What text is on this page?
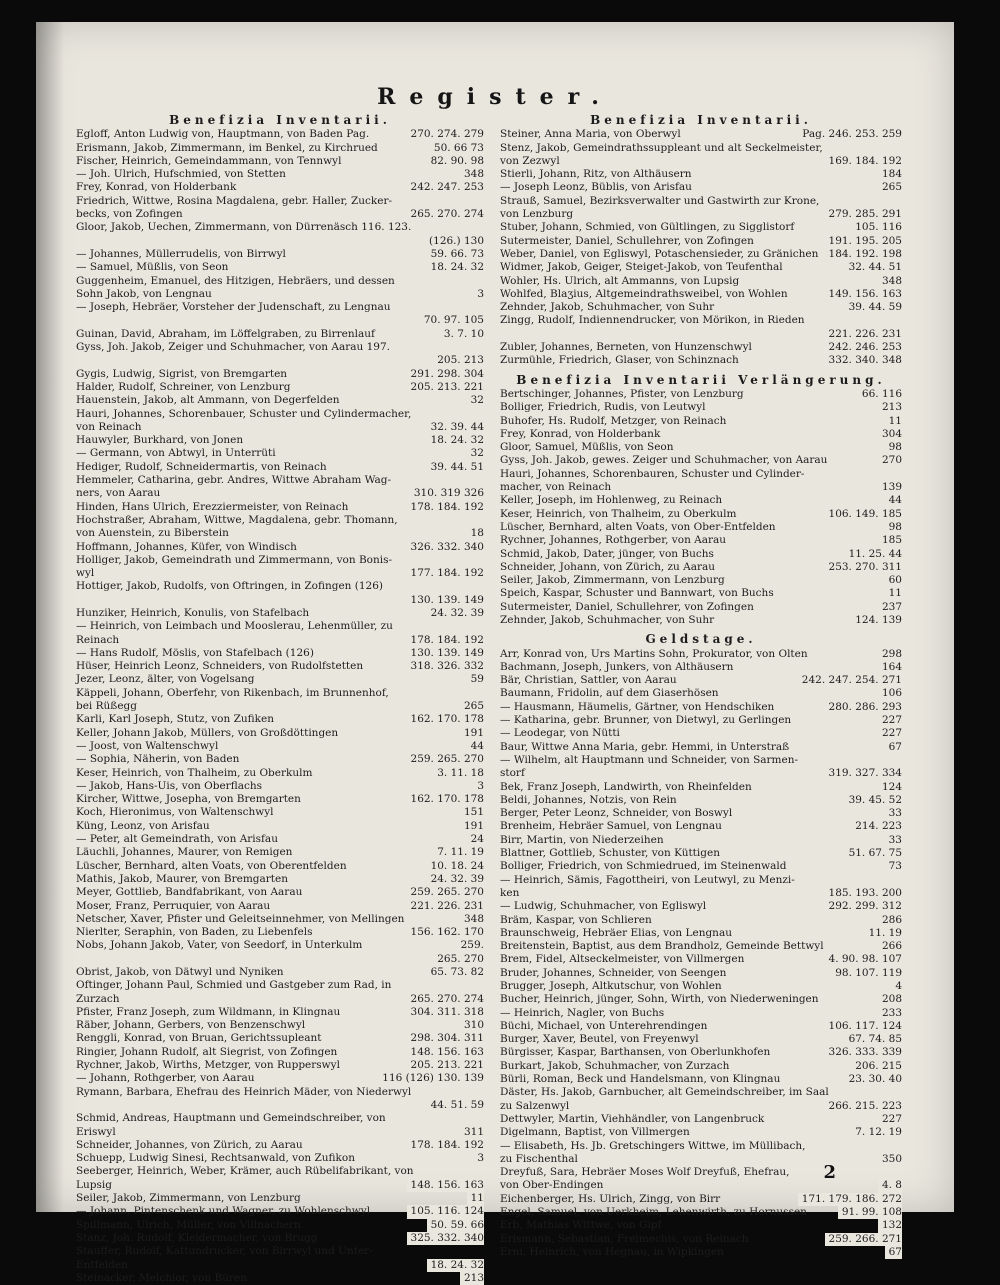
Register.
Benefizia Inventarii.
Egloff, Anton Ludwig von, Hauptmann, von Baden Pag.	270. 274. 279
Erismann, Jakob, Zimmermann, im Benkel, zu Kirchrued	50. 66 73
Fischer, Heinrich, Gemeindammann, von Tennwyl	82. 90. 98
— Joh. Ulrich, Hufschmied, von Stetten	348
Frey, Konrad, von Holderbank	242. 247. 253
Friedrich, Wittwe, Rosina Magdalena, gebr. Haller, Zucker-
becks, von Zofingen	265. 270. 274
Gloor, Jakob, Uechen, Zimmermann, von Dürrenäsch 116. 123.
(126.) 130
— Johannes, Müllerrudelis, von Birrwyl	59. 66. 73
— Samuel, Müßlis, von Seon	18. 24. 32
Guggenheim, Emanuel, des Hitzigen, Hebräers, und dessen
Sohn Jakob, von Lengnau	3
— Joseph, Hebräer, Vorsteher der Judenschaft, zu Lengnau
70. 97. 105
Guinan, David, Abraham, im Löffelgraben, zu Birrenlauf	3. 7. 10
Gyss, Joh. Jakob, Zeiger und Schuhmacher, von Aarau 197.
205. 213
Gygis, Ludwig, Sigrist, von Bremgarten	291. 298. 304
Halder, Rudolf, Schreiner, von Lenzburg	205. 213. 221
Hauenstein, Jakob, alt Ammann, von Degerfelden	32
Hauri, Johannes, Schorenbauer, Schuster und Cylindermacher,
von Reinach	32. 39. 44
Hauwyler, Burkhard, von Jonen	18. 24. 32
— Germann, von Abtwyl, in Unterrüti	32
Hediger, Rudolf, Schneidermartis, von Reinach	39. 44. 51
Hemmeler, Catharina, gebr. Andres, Wittwe Abraham Wag-
ners, von Aarau	310. 319 326
Hinden, Hans Ulrich, Erezziermeister, von Reinach	178. 184. 192
Hochstraßer, Abraham, Wittwe, Magdalena, gebr. Thomann,
von Auenstein, zu Biberstein	18
Hoffmann, Johannes, Küfer, von Windisch	326. 332. 340
Holliger, Jakob, Gemeindrath und Zimmermann, von Bonis-
wyl	177. 184. 192
Hottiger, Jakob, Rudolfs, von Oftringen, in Zofingen (126)
130. 139. 149
Hunziker, Heinrich, Konulis, von Stafelbach	24. 32. 39
— Heinrich, von Leimbach und Mooslerau, Lehenmüller, zu
Reinach	178. 184. 192
— Hans Rudolf, Möslis, von Stafelbach (126)	130. 139. 149
Hüser, Heinrich Leonz, Schneiders, von Rudolfstetten	318. 326. 332
Jezer, Leonz, älter, von Vogelsang	59
Käppeli, Johann, Oberfehr, von Rikenbach, im Brunnenhof,
bei Rüßegg	265
Karli, Karl Joseph, Stutz, von Zufiken	162. 170. 178
Keller, Johann Jakob, Müllers, von Großdöttingen	191
— Joost, von Waltenschwyl	44
— Sophia, Näherin, von Baden	259. 265. 270
Keser, Heinrich, von Thalheim, zu Oberkulm	3. 11. 18
— Jakob, Hans-Uis, von Oberflachs	3
Kircher, Wittwe, Josepha, von Bremgarten	162. 170. 178
Koch, Hieronimus, von Waltenschwyl	151
Küng, Leonz, von Arisfau	191
— Peter, alt Gemeindrath, von Arisfau	24
Läuchli, Johannes, Maurer, von Remigen	7. 11. 19
Lüscher, Bernhard, alten Voats, von Oberentfelden	10. 18. 24
Mathis, Jakob, Maurer, von Bremgarten	24. 32. 39
Meyer, Gottlieb, Bandfabrikant, von Aarau	259. 265. 270
Moser, Franz, Perruquier, von Aarau	221. 226. 231
Netscher, Xaver, Pfister und Geleitseinnehmer, von Mellingen	348
Nierlter, Seraphin, von Baden, zu Liebenfels	156. 162. 170
Nobs, Johann Jakob, Vater, von Seedorf, in Unterkulm	259.
265. 270
Obrist, Jakob, von Dätwyl und Nyniken	65. 73. 82
Oftinger, Johann Paul, Schmied und Gastgeber zum Rad, in
Zurzach	265. 270. 274
Pfister, Franz Joseph, zum Wildmann, in Klingnau	304. 311. 318
Räber, Johann, Gerbers, von Benzenschwyl	310
Renggli, Konrad, von Bruan, Gerichtssupleant	298. 304. 311
Ringier, Johann Rudolf, alt Siegrist, von Zofingen	148. 156. 163
Rychner, Jakob, Wirths, Metzger, von Rupperswyl	205. 213. 221
— Johann, Rothgerber, von Aarau	116 (126) 130. 139
Rymann, Barbara, Ehefrau des Heinrich Mäder, von Niederwyl
44. 51. 59
Schmid, Andreas, Hauptmann und Gemeindschreiber, von
Eriswyl	311
Schneider, Johannes, von Zürich, zu Aarau	178. 184. 192
Schuepp, Ludwig Sinesi, Rechtsanwald, von Zufikon	3
Seeberger, Heinrich, Weber, Krämer, auch Rübelifabrikant, von
Lupsig	148. 156. 163
Seiler, Jakob, Zimmermann, von Lenzburg	11
— Johann, Pintenschenk und Wagner, zu Wohlenschwyl	105. 116. 124
Spillmann, Ulrich, Müller, von Villnachern	50. 59. 66
Stanz, Joh. Rudolf, Kleidermacher, von Brugg	325. 332. 340
Stauffer, Rudolf, Kattundrucker, von Birrwyl und Unter-
Entfelden	18. 24. 32
Steinacker, Melchior, von Büren	213
Benefizia Inventarii.
Steiner, Anna Maria, von Oberwyl	Pag. 246. 253. 259
Stenz, Jakob, Gemeindrathssuppleant und alt Seckelmeister,
von Zezwyl	169. 184. 192
Stierli, Johann, Ritz, von Althäusern	184
— Joseph Leonz, Büblis, von Arisfau	265
Strauß, Samuel, Bezirksverwalter und Gastwirth zur Krone,
von Lenzburg	279. 285. 291
Stuber, Johann, Schmied, von Gültlingen, zu Sigglistorf	105. 116
Sutermeister, Daniel, Schullehrer, von Zofingen	191. 195. 205
Weber, Daniel, von Egliswyl, Potaschensieder, zu Gränichen 184. 192. 198
Widmer, Jakob, Geiger, Steiget-Jakob, von Teufenthal	32. 44. 51
Wohler, Hs. Ulrich, alt Ammanns, von Lupsig	348
Wohlfed, Blaʒius, Altgemeindrathsweibel, von Wohlen	149. 156. 163
Zehnder, Jakob, Schuhmacher, von Suhr	39. 44. 59
Zingg, Rudolf, Indiennendrucker, von Mörikon, in Rieden
221. 226. 231
Zubler, Johannes, Berneten, von Hunzenschwyl	242. 246. 253
Zurmühle, Friedrich, Glaser, von Schinznach	332. 340. 348
Benefizia Inventarii Verlängerung.
Bertschinger, Johannes, Pfister, von Lenzburg	66. 116
Bolliger, Friedrich, Rudis, von Leutwyl	213
Buhofer, Hs. Rudolf, Metzger, von Reinach	11
Frey, Konrad, von Holderbank	304
Gloor, Samuel, Müßlis, von Seon	98
Gyss, Joh. Jakob, gewes. Zeiger und Schuhmacher, von Aarau	270
Hauri, Johannes, Schorenbauren, Schuster und Cylinder-
macher, von Reinach	139
Keller, Joseph, im Hohlenweg, zu Reinach	44
Keser, Heinrich, von Thalheim, zu Oberkulm	106. 149. 185
Lüscher, Bernhard, alten Voats, von Ober-Entfelden	98
Rychner, Johannes, Rothgerber, von Aarau	185
Schmid, Jakob, Dater, jünger, von Buchs	11. 25. 44
Schneider, Johann, von Zürich, zu Aarau	253. 270. 311
Seiler, Jakob, Zimmermann, von Lenzburg	60
Speich, Kaspar, Schuster und Bannwart, von Buchs	11
Sutermeister, Daniel, Schullehrer, von Zofingen	237
Zehnder, Jakob, Schuhmacher, von Suhr	124. 139
Geldstage.
Arr, Konrad von, Urs Martins Sohn, Prokurator, von Olten	298
Bachmann, Joseph, Junkers, von Althäusern	164
Bär, Christian, Sattler, von Aarau	242. 247. 254. 271
Baumann, Fridolin, auf dem Giaserhösen	106
— Hausmann, Häumelis, Gärtner, von Hendschiken	280. 286. 293
— Katharina, gebr. Brunner, von Dietwyl, zu Gerlingen	227
— Leodegar, von Nütti	227
Baur, Wittwe Anna Maria, gebr. Hemmi, in Unterstraß	67
— Wilhelm, alt Hauptmann und Schneider, von Sarmen-
storf	319. 327. 334
Bek, Franz Joseph, Landwirth, von Rheinfelden	124
Beldi, Johannes, Notzis, von Rein	39. 45. 52
Berger, Peter Leonz, Schneider, von Boswyl	33
Brenheim, Hebräer Samuel, von Lengnau	214. 223
Birr, Martin, von Niederzeihen	33
Blattner, Gottlieb, Schuster, von Küttigen	51. 67. 75
Bolliger, Friedrich, von Schmiedrued, im Steinenwald	73
— Heinrich, Sämis, Fagottheiri, von Leutwyl, zu Menzi-
ken	185. 193. 200
— Ludwig, Schuhmacher, von Egliswyl	292. 299. 312
Bräm, Kaspar, von Schlieren	286
Braunschweig, Hebräer Elias, von Lengnau	11. 19
Breitenstein, Baptist, aus dem Brandholz, Gemeinde Bettwyl	266
Brem, Fidel, Altseckelmeister, von Villmergen	4. 90. 98. 107
Bruder, Johannes, Schneider, von Seengen	98. 107. 119
Brugger, Joseph, Altkutschur, von Wohlen	4
Bucher, Heinrich, jünger, Sohn, Wirth, von Niederweningen	208
— Heinrich, Nagler, von Buchs	233
Büchi, Michael, von Unterehrendingen	106. 117. 124
Burger, Xaver, Beutel, von Freyenwyl	67. 74. 85
Bürgisser, Kaspar, Barthansen, von Oberlunkhofen	326. 333. 339
Burkart, Jakob, Schuhmacher, von Zurzach	206. 215
Bürli, Roman, Beck und Handelsmann, von Klingnau	23. 30. 40
Däster, Hs. Jakob, Garnbucher, alt Gemeindschreiber, im Saal
zu Salzenwyl	266. 215. 223
Dettwyler, Martin, Viehhändler, von Langenbruck	227
Digelmann, Baptist, von Villmergen	7. 12. 19
— Elisabeth, Hs. Jb. Gretschingers Wittwe, im Müllibach,
zu Fischenthal	350
Dreyfuß, Sara, Hebräer Moses Wolf Dreyfuß, Ehefrau,
von Ober-Endingen	4. 8
Eichenberger, Hs. Ulrich, Zingg, von Birr	171. 179. 186. 272
Engel, Samuel, von Uerkheim, Lehenwirth, zu Hornussen	91. 99. 108
Erb, Mathias Wittwe, von Gipf	132
Erismann, Sebastian, Freimechis, von Reinach	259. 266. 271
Erni, Heinrich, von Hegnau, in Wipkingen	67
2
